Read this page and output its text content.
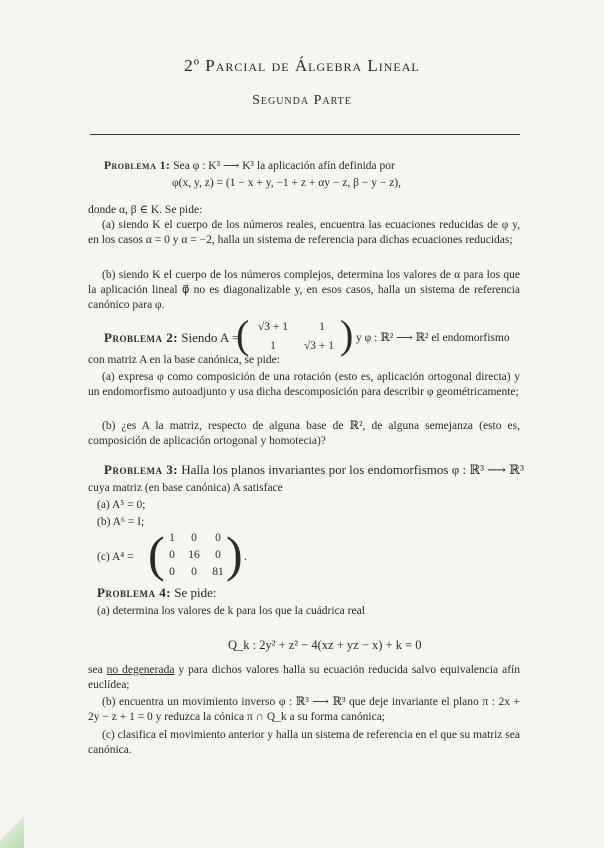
2º Parcial de Álgebra Lineal
Segunda Parte
Problema 1: Sea φ : K³ ⟶ K³ la aplicación afín definida por
φ(x, y, z) = (1 − x + y, −1 + z + αy − z, β − y − z),
donde α, β ∈ K. Se pide:
(a) siendo K el cuerpo de los números reales, encuentra las ecuaciones reducidas de φ y, en los casos α = 0 y α = −2, halla un sistema de referencia para dichas ecuaciones reducidas;
(b) siendo K el cuerpo de los números complejos, determina los valores de α para los que la aplicación lineal φ⃗ no es diagonalizable y, en esos casos, halla un sistema de referencia canónico para φ.
Problema 2: Siendo A =
( √3 + 1	1
1	√3 + 1 ) y φ : ℝ² ⟶ ℝ² el endomorfismo
con matriz A en la base canónica, se pide:
(a) expresa φ como composición de una rotación (esto es, aplicación ortogonal directa) y un endomorfismo autoadjunto y usa dicha descomposición para describir φ geométricamente;
(b) ¿es A la matriz, respecto de alguna base de ℝ², de alguna semejanza (esto es, composición de aplicación ortogonal y homotecia)?
Problema 3: Halla los planos invariantes por los endomorfismos φ : ℝ³ ⟶ ℝ³
cuya matriz (en base canónica) A satisface
(a) A⁵ = 0;
(b) A⁶ = I;
(c) A⁴ = ( 1	0	0
0	16	0
0	0	81 ) .
Problema 4: Se pide:
(a) determina los valores de k para los que la cuádrica real
Q_k : 2y² + z² − 4(xz + yz − x) + k = 0
sea no degenerada y para dichos valores halla su ecuación reducida salvo equivalencia afín euclídea;
(b) encuentra un movimiento inverso φ : ℝ³ ⟶ ℝ³ que deje invariante el plano π : 2x + 2y − z + 1 = 0 y reduzca la cónica π ∩ Q_k a su forma canónica;
(c) clasifica el movimiento anterior y halla un sistema de referencia en el que su matriz sea canónica.
